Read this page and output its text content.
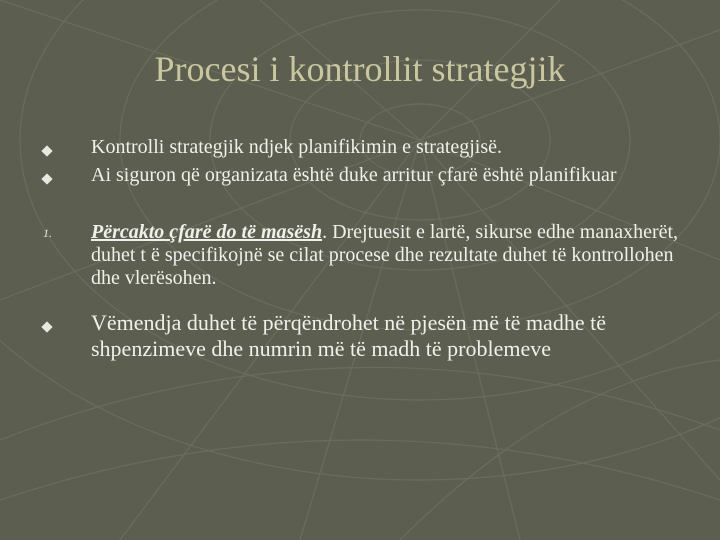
Procesi i kontrollit strategjik
Kontrolli strategjik ndjek planifikimin e strategjisë.
Ai siguron që organizata është duke arritur çfarë është planifikuar
1.	Përcakto çfarë do të masësh. Drejtuesit e lartë, sikurse edhe manaxherët, duhet t ë specifikojnë se cilat procese dhe rezultate duhet të kontrollohen dhe vlerësohen.
Vëmendja duhet të përqëndrohet në pjesën më të madhe të shpenzimeve dhe numrin më të madh të problemeve
